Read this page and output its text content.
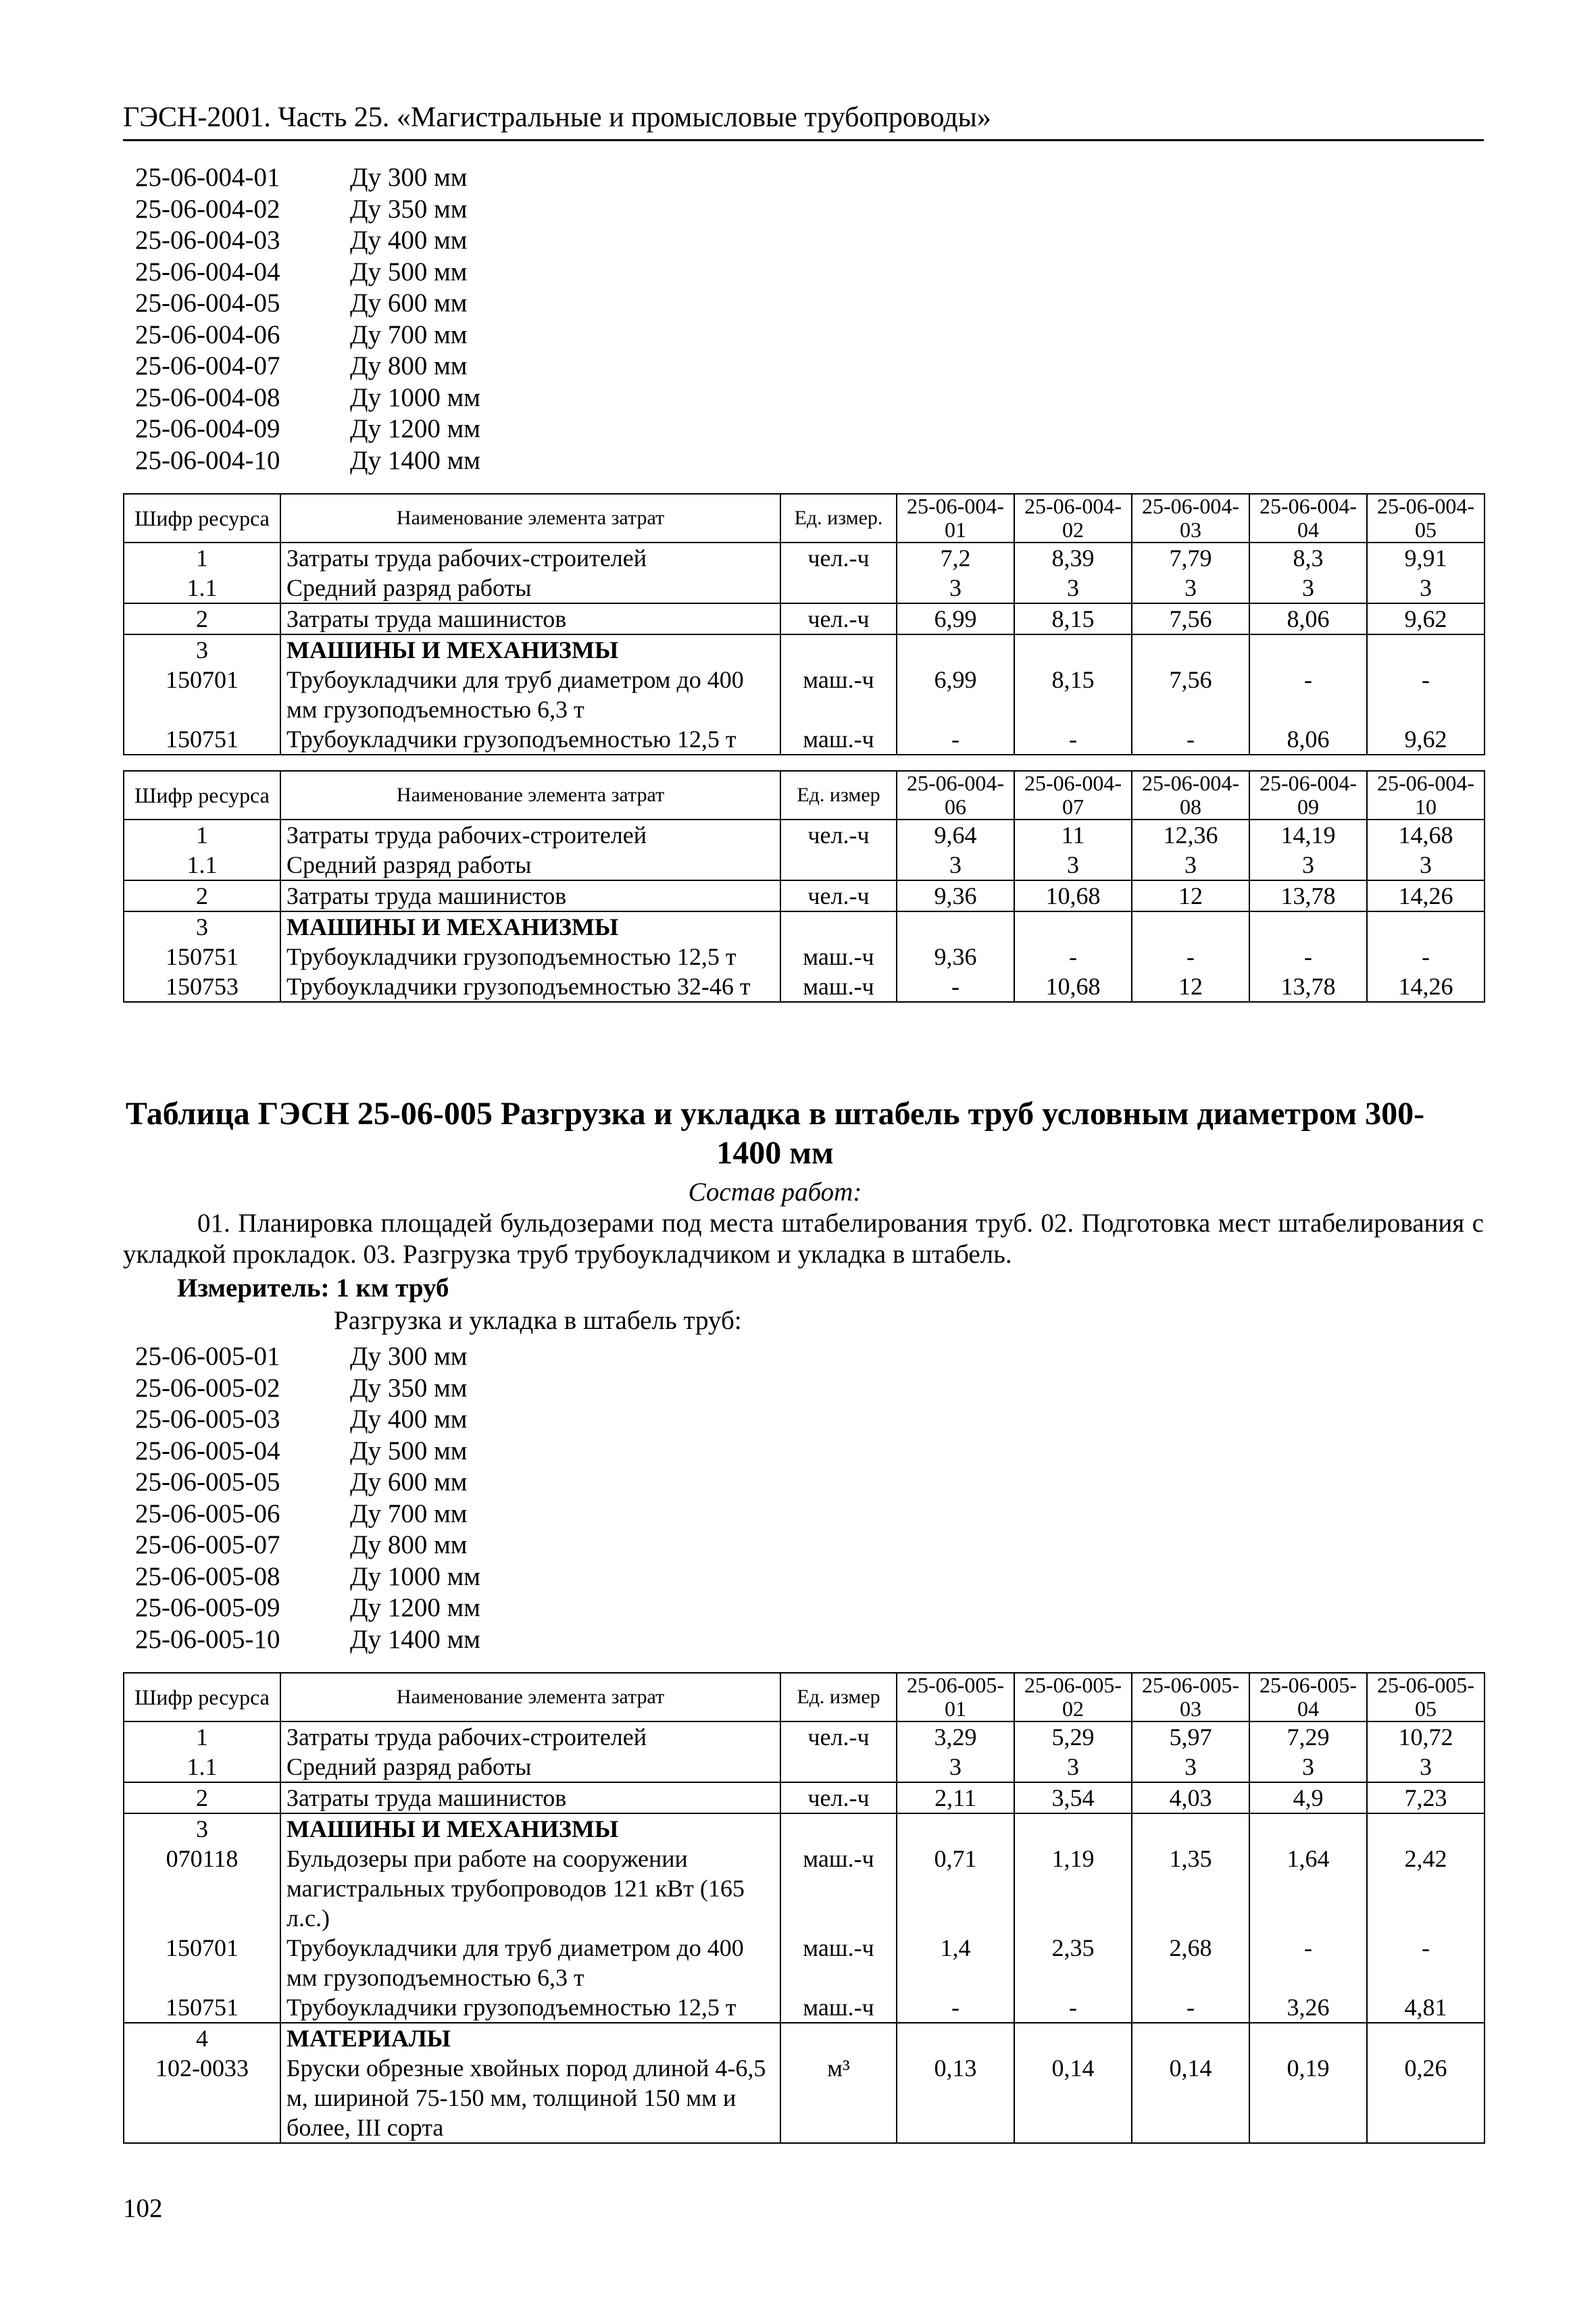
ГЭСН-2001. Часть 25. «Магистральные и промысловые трубопроводы»
25-06-004-01	Ду 300 мм
25-06-004-02	Ду 350 мм
25-06-004-03	Ду 400 мм
25-06-004-04	Ду 500 мм
25-06-004-05	Ду 600 мм
25-06-004-06	Ду 700 мм
25-06-004-07	Ду 800 мм
25-06-004-08	Ду 1000 мм
25-06-004-09	Ду 1200 мм
25-06-004-10	Ду 1400 мм
Шифр ресурса	Наименование элемента затрат	Ед. измер.	25-06-004-01	25-06-004-02	25-06-004-03	25-06-004-04	25-06-004-05
1	Затраты труда рабочих-строителей	чел.-ч	7,2	8,39	7,79	8,3	9,91
1.1	Средний разряд работы		3	3	3	3	3
2	Затраты труда машинистов	чел.-ч	6,99	8,15	7,56	8,06	9,62
3	МАШИНЫ И МЕХАНИЗМЫ						
150701	Трубоукладчики для труб диаметром до 400 мм грузоподъемностью 6,3 т	маш.-ч	6,99	8,15	7,56	-	-
150751	Трубоукладчики грузоподъемностью 12,5 т	маш.-ч	-	-	-	8,06	9,62
Шифр ресурса	Наименование элемента затрат	Ед. измер	25-06-004-06	25-06-004-07	25-06-004-08	25-06-004-09	25-06-004-10
1	Затраты труда рабочих-строителей	чел.-ч	9,64	11	12,36	14,19	14,68
1.1	Средний разряд работы		3	3	3	3	3
2	Затраты труда машинистов	чел.-ч	9,36	10,68	12	13,78	14,26
3	МАШИНЫ И МЕХАНИЗМЫ						
150751	Трубоукладчики грузоподъемностью 12,5 т	маш.-ч	9,36	-	-	-	-
150753	Трубоукладчики грузоподъемностью 32-46 т	маш.-ч	-	10,68	12	13,78	14,26
Таблица ГЭСН 25-06-005 Разгрузка и укладка в штабель труб условным диаметром 300-1400 мм
Состав работ:
01. Планировка площадей бульдозерами под места штабелирования труб. 02. Подготовка мест штабелирования с укладкой прокладок. 03. Разгрузка труб трубоукладчиком и укладка в штабель.
Измеритель: 1 км труб
Разгрузка и укладка в штабель труб:
25-06-005-01	Ду 300 мм
25-06-005-02	Ду 350 мм
25-06-005-03	Ду 400 мм
25-06-005-04	Ду 500 мм
25-06-005-05	Ду 600 мм
25-06-005-06	Ду 700 мм
25-06-005-07	Ду 800 мм
25-06-005-08	Ду 1000 мм
25-06-005-09	Ду 1200 мм
25-06-005-10	Ду 1400 мм
Шифр ресурса	Наименование элемента затрат	Ед. измер	25-06-005-01	25-06-005-02	25-06-005-03	25-06-005-04	25-06-005-05
1	Затраты труда рабочих-строителей	чел.-ч	3,29	5,29	5,97	7,29	10,72
1.1	Средний разряд работы		3	3	3	3	3
2	Затраты труда машинистов	чел.-ч	2,11	3,54	4,03	4,9	7,23
3	МАШИНЫ И МЕХАНИЗМЫ						
070118	Бульдозеры при работе на сооружении магистральных трубопроводов 121 кВт (165 л.с.)	маш.-ч	0,71	1,19	1,35	1,64	2,42
150701	Трубоукладчики для труб диаметром до 400 мм грузоподъемностью 6,3 т	маш.-ч	1,4	2,35	2,68	-	-
150751	Трубоукладчики грузоподъемностью 12,5 т	маш.-ч	-	-	-	3,26	4,81
4	МАТЕРИАЛЫ						
102-0033	Бруски обрезные хвойных пород длиной 4-6,5 м, шириной 75-150 мм, толщиной 150 мм и более, III сорта	м³	0,13	0,14	0,14	0,19	0,26
102
